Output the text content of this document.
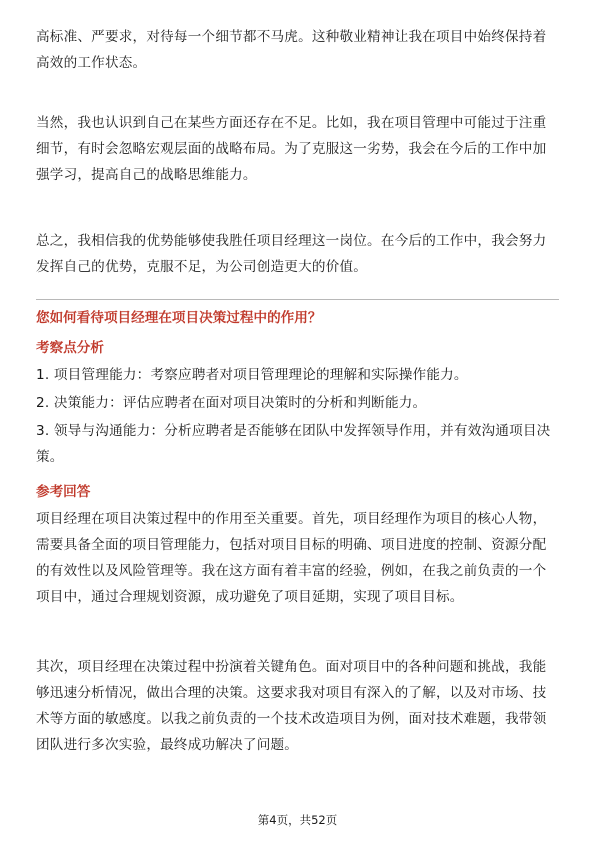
高标准、严要求，对待每一个细节都不马虎。这种敬业精神让我在项目中始终保持着高效的工作状态。

当然，我也认识到自己在某些方面还存在不足。比如，我在项目管理中可能过于注重细节，有时会忽略宏观层面的战略布局。为了克服这一劣势，我会在今后的工作中加强学习，提高自己的战略思维能力。

总之，我相信我的优势能够使我胜任项目经理这一岗位。在今后的工作中，我会努力发挥自己的优势，克服不足，为公司创造更大的价值。

您如何看待项目经理在项目决策过程中的作用？
考察点分析
1. 项目管理能力：考察应聘者对项目管理理论的理解和实际操作能力。
2. 决策能力：评估应聘者在面对项目决策时的分析和判断能力。
3. 领导与沟通能力：分析应聘者是否能够在团队中发挥领导作用，并有效沟通项目决策。
参考回答

项目经理在项目决策过程中的作用至关重要。首先，项目经理作为项目的核心人物，需要具备全面的项目管理能力，包括对项目目标的明确、项目进度的控制、资源分配的有效性以及风险管理等。我在这方面有着丰富的经验，例如，在我之前负责的一个项目中，通过合理规划资源，成功避免了项目延期，实现了项目目标。

其次，项目经理在决策过程中扮演着关键角色。面对项目中的各种问题和挑战，我能够迅速分析情况，做出合理的决策。这要求我对项目有深入的了解，以及对市场、技术等方面的敏感度。以我之前负责的一个技术改造项目为例，面对技术难题，我带领团队进行多次实验，最终成功解决了问题。

第4页，共52页
